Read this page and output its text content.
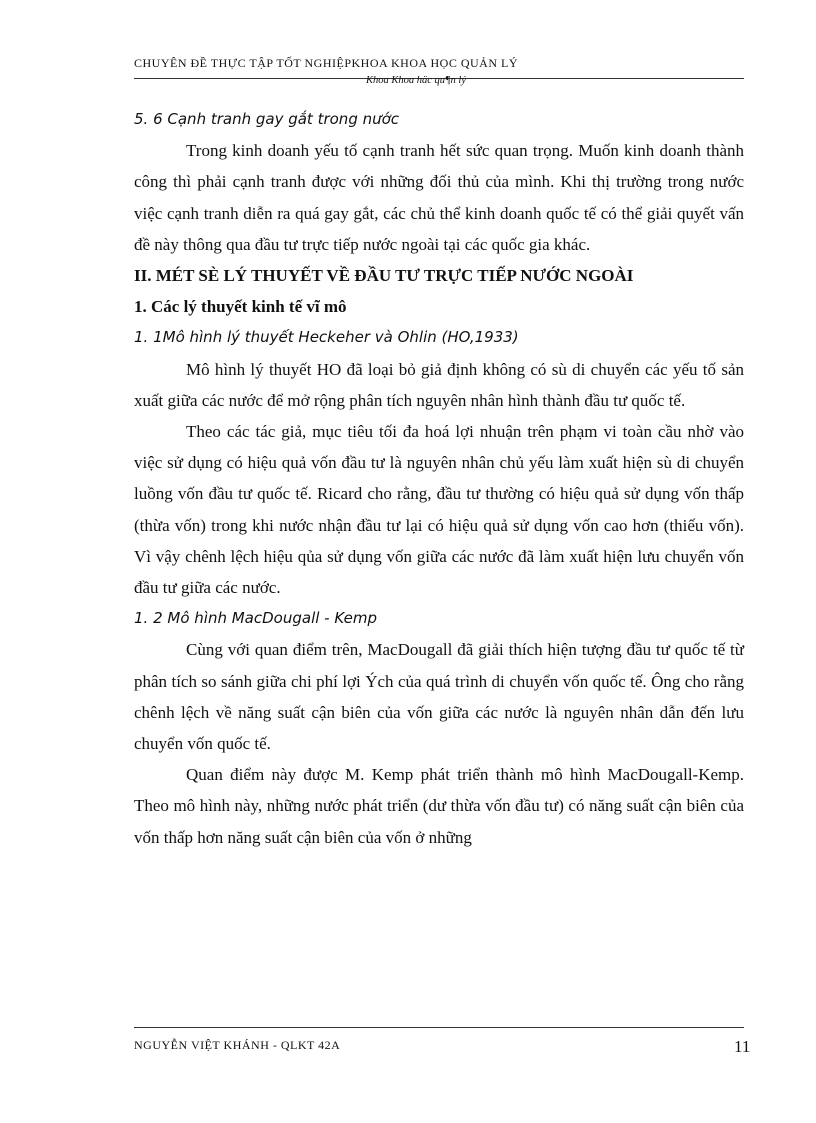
CHUYÊN ĐỀ THỰC TẬP TỐT NGHIỆPKHOA KHOA HỌC QUẢN LÝ
Khoa Khoa häc qu¶n lý

5. 6 Cạnh tranh gay gắt trong nước

Trong kinh doanh yếu tố cạnh tranh hết sức quan trọng. Muốn kinh doanh thành công thì phải cạnh tranh được với những đối thủ của mình. Khi thị trường trong nước việc cạnh tranh diễn ra quá gay gắt, các chủ thể kinh doanh quốc tế có thể giải quyết vấn đề này thông qua đầu tư trực tiếp nước ngoài tại các quốc gia khác.

II. MÉT SÈ LÝ THUYẾT VỀ ĐẦU TƯ TRỰC TIẾP NƯỚC NGOÀI

1. Các lý thuyết kinh tế vĩ mô

1. 1Mô hình lý thuyết Heckeher và Ohlin (HO,1933)

Mô hình lý thuyết HO đã loại bỏ giả định không có sù di chuyển các yếu tố sản xuất giữa các nước để mở rộng phân tích nguyên nhân hình thành đầu tư quốc tế.

Theo các tác giả, mục tiêu tối đa hoá lợi nhuận trên phạm vi toàn cầu nhờ vào việc sử dụng có hiệu quả vốn đầu tư là nguyên nhân chủ yếu làm xuất hiện sù di chuyển luồng vốn đầu tư quốc tế. Ricard cho rằng, đầu tư thường có hiệu quả sử dụng vốn thấp (thừa vốn) trong khi nước nhận đầu tư lại có hiệu quả sử dụng vốn cao hơn (thiếu vốn). Vì vậy chênh lệch hiệu qủa sử dụng vốn giữa các nước đã làm xuất hiện lưu chuyển vốn đầu tư giữa các nước.

1. 2 Mô hình MacDougall - Kemp

Cùng với quan điểm trên, MacDougall đã giải thích hiện tượng đầu tư quốc tế từ phân tích so sánh giữa chi phí lợi Ých của quá trình di chuyển vốn quốc tế. Ông cho rằng chênh lệch về năng suất cận biên của vốn giữa các nước là nguyên nhân dẫn đến lưu chuyển vốn quốc tế.

Quan điểm này được M. Kemp phát triển thành mô hình MacDougall-Kemp. Theo mô hình này, những nước phát triển (dư thừa vốn đầu tư) có năng suất cận biên của vốn thấp hơn năng suất cận biên của vốn ở những

NGUYỄN VIỆT KHÁNH - QLKT 42A	11
